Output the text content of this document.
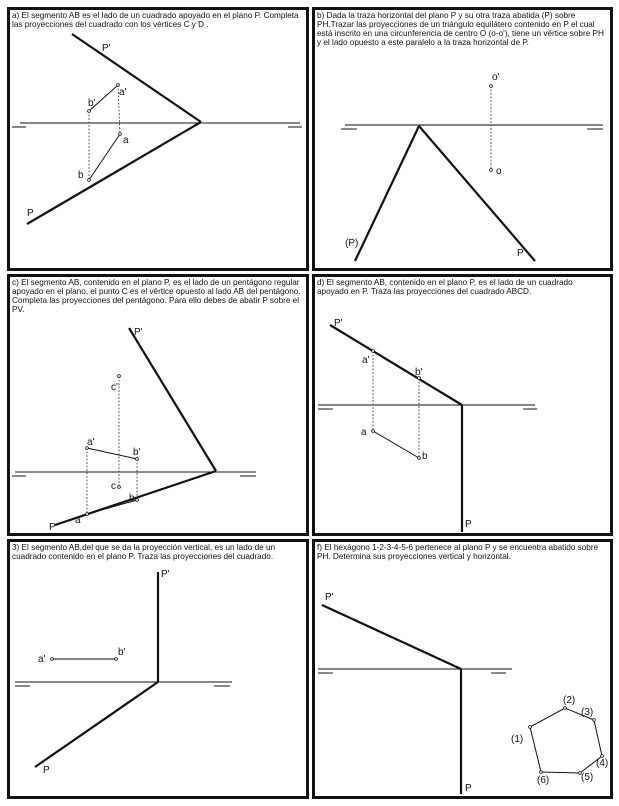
a) El segmento AB es el lado de un cuadrado apoyado en el plano P. Completa las proyecciones del cuadrado con los vértices C y D .
P'
a'
b'
a
b
P
b) Dada la traza horizontal del plano P y su otra traza abatida (P) sobre PH.Trazar las proyecciones de un triángulo equilátero contenido en P el cual está inscrito en una circunferencia de centro O (o-o'), tiene un vértice sobre PH y el lado opuesto a este paralelo a la traza horizontal de P.
o'
o
(P)
P
c) El segmento AB, contenido en el plano P, es el lado de un pentágono regular apoyado en el plano, el punto C es el vértice opuesto al lado AB del pentágono. Completa las proyecciones del pentágono. Para ello debes de abatir P sobre el PV.
P'
c'
a'
b'
c
b
a
P
d) El segmento AB, contenido en el plano P, es el lado de un cuadrado apoyado en P. Traza las proyecciones del cuadrado ABCD.
P'
a'
b'
a
b
P
3) El segmento AB,del que se da la proyección vertical, es un lado de un cuadrado contenido en el plano P. Traza las proyecciones del cuadrado.
P'
a'
b'
P
f) El hexágono 1-2-3-4-5-6 pertenece al plano P y se encuentra abatido sobre PH. Determina sus proyecciones vertical y horizontal.
P'
(1)
(2)
(3)
(4)
(5)
(6)
P
